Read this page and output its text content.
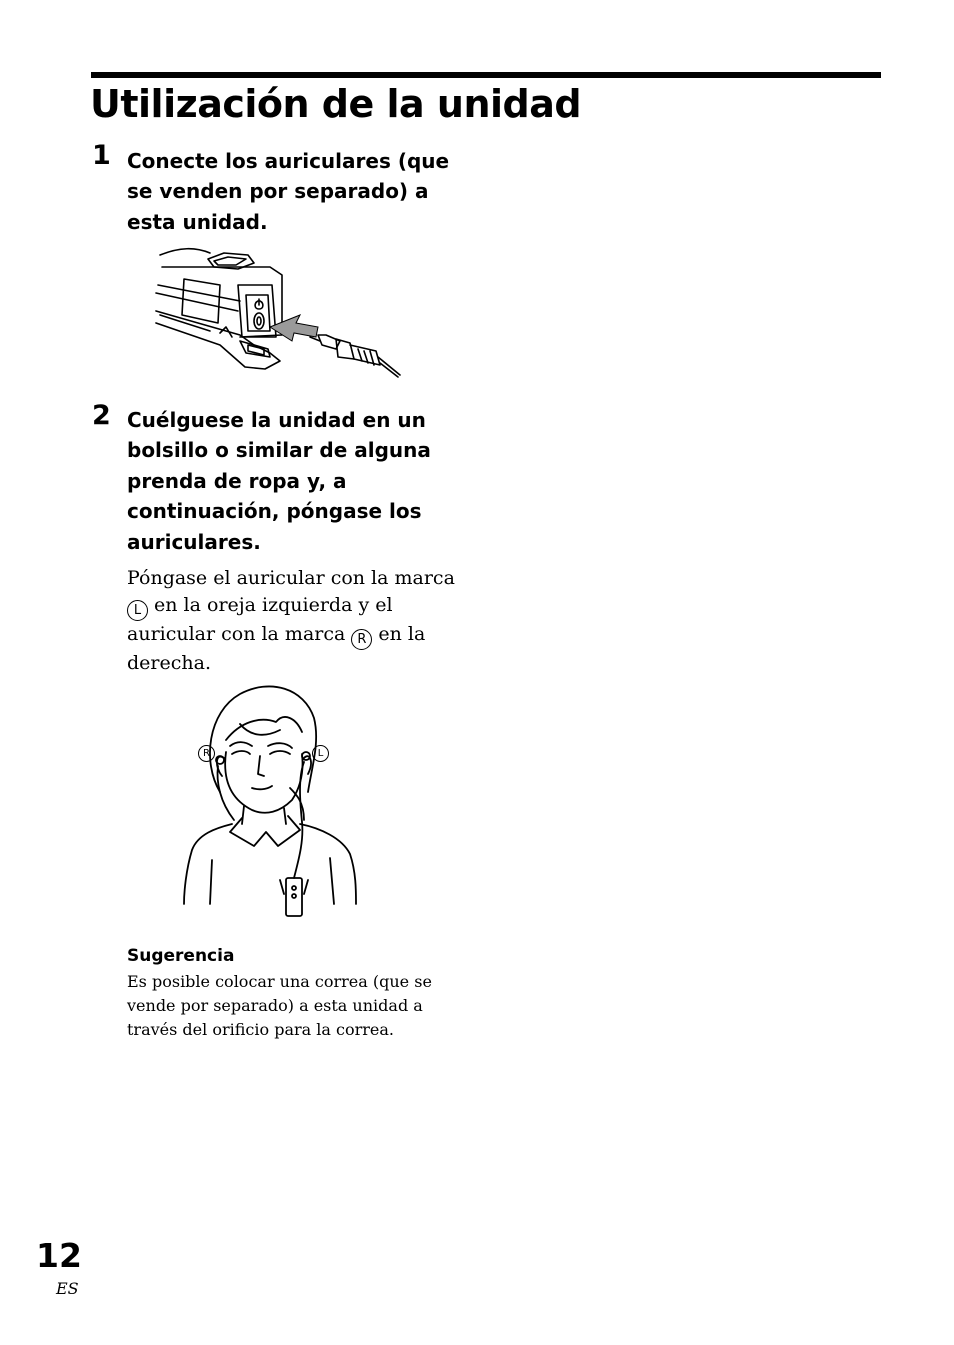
Utilización de la unidad
1 Conecte los auriculares (que se venden por separado) a esta unidad.

2 Cuélguese la unidad en un bolsillo o similar de alguna prenda de ropa y, a continuación, póngase los auriculares.

Póngase el auricular con la marca L en la oreja izquierda y el auricular con la marca R en la derecha.

R	L
Sugerencia

Es posible colocar una correa (que se vende por separado) a esta unidad a través del orificio para la correa.

12
ES
